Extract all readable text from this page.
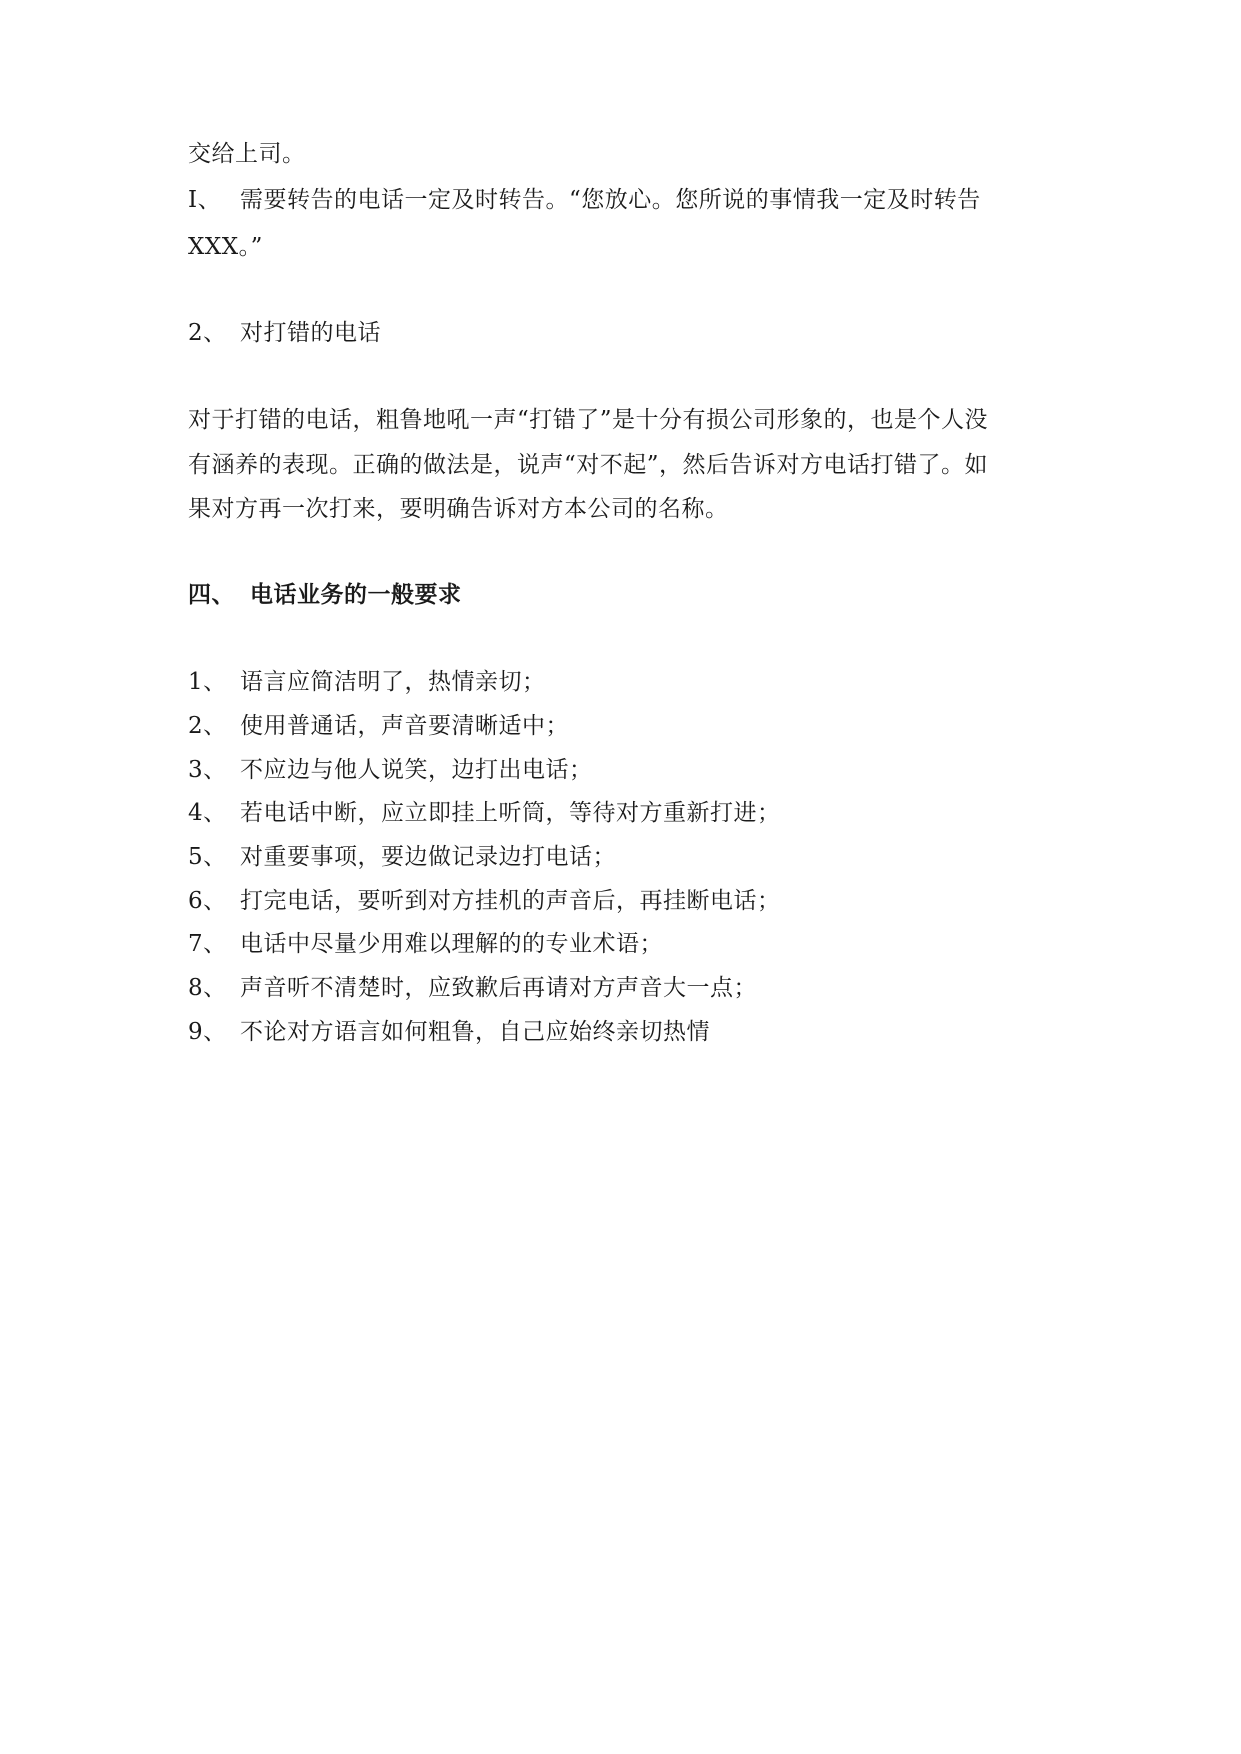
交给上司。
I、 需要转告的电话一定及时转告。“您放心。您所说的事情我一定及时转告
XXX。”
2、 对打错的电话
对于打错的电话，粗鲁地吼一声“打错了”是十分有损公司形象的，也是个人没
有涵养的表现。正确的做法是，说声“对不起”，然后告诉对方电话打错了。如
果对方再一次打来，要明确告诉对方本公司的名称。
四、 电话业务的一般要求
1、 语言应简洁明了，热情亲切；
2、 使用普通话，声音要清晰适中；
3、 不应边与他人说笑，边打出电话；
4、 若电话中断，应立即挂上听筒，等待对方重新打进；
5、 对重要事项，要边做记录边打电话；
6、 打完电话，要听到对方挂机的声音后，再挂断电话；
7、 电话中尽量少用难以理解的的专业术语；
8、 声音听不清楚时，应致歉后再请对方声音大一点；
9、 不论对方语言如何粗鲁，自己应始终亲切热情
